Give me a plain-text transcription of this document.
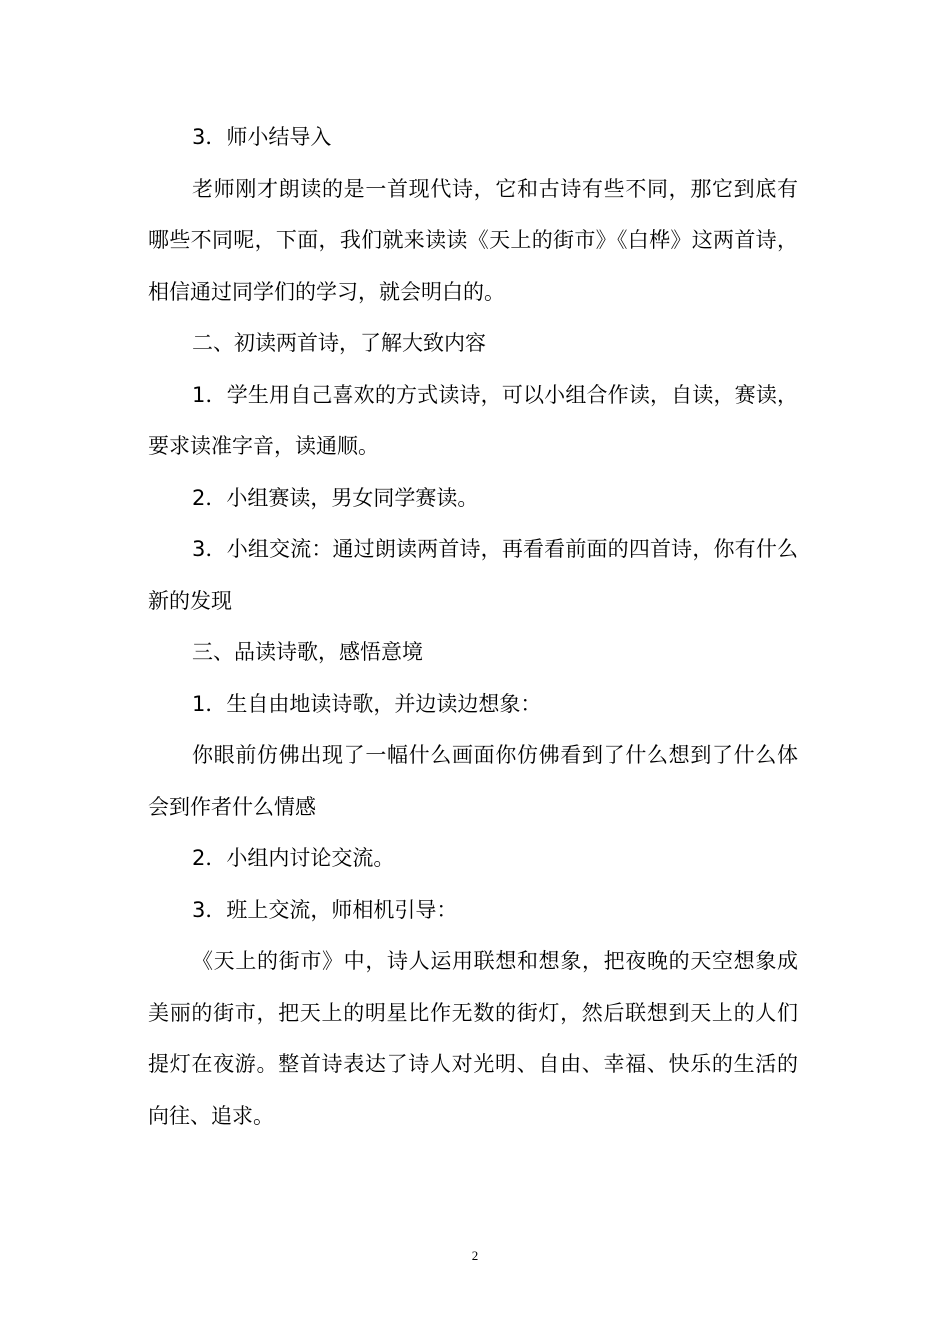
3．师小结导入

老师刚才朗读的是一首现代诗，它和古诗有些不同，那它到底有哪些不同呢，下面，我们就来读读《天上的街市》《白桦》这两首诗，相信通过同学们的学习，就会明白的。

二、初读两首诗，了解大致内容

1．学生用自己喜欢的方式读诗，可以小组合作读，自读，赛读，要求读准字音，读通顺。

2．小组赛读，男女同学赛读。

3．小组交流：通过朗读两首诗，再看看前面的四首诗，你有什么新的发现

三、品读诗歌，感悟意境

1．生自由地读诗歌，并边读边想象：

你眼前仿佛出现了一幅什么画面你仿佛看到了什么想到了什么体会到作者什么情感

2．小组内讨论交流。

3．班上交流，师相机引导：

《天上的街市》中，诗人运用联想和想象，把夜晚的天空想象成美丽的街市，把天上的明星比作无数的街灯，然后联想到天上的人们提灯在夜游。整首诗表达了诗人对光明、自由、幸福、快乐的生活的向往、追求。

2
